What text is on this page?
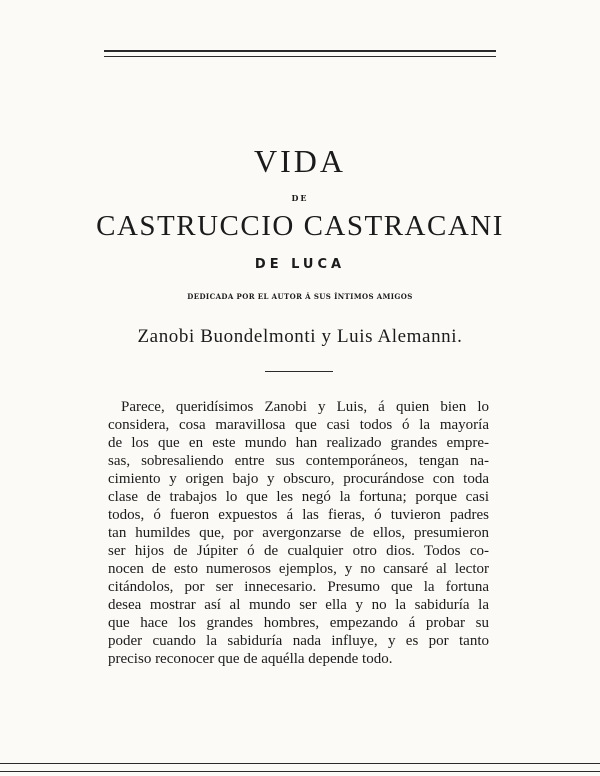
VIDA
DE
CASTRUCCIO CASTRACANI
DE LUCA
DEDICADA POR EL AUTOR Á SUS ÍNTIMOS AMIGOS
Zanobi Buondelmonti y Luis Alemanni.
Parece, queridísimos Zanobi y Luis, á quien bien lo
considera, cosa maravillosa que casi todos ó la mayoría
de los que en este mundo han realizado grandes empre-
sas, sobresaliendo entre sus contemporáneos, tengan na-
cimiento y origen bajo y obscuro, procurándose con toda
clase de trabajos lo que les negó la fortuna; porque casi
todos, ó fueron expuestos á las fieras, ó tuvieron padres
tan humildes que, por avergonzarse de ellos, presumieron
ser hijos de Júpiter ó de cualquier otro dios. Todos co-
nocen de esto numerosos ejemplos, y no cansaré al lector
citándolos, por ser innecesario. Presumo que la fortuna
desea mostrar así al mundo ser ella y no la sabiduría la
que hace los grandes hombres, empezando á probar su
poder cuando la sabiduría nada influye, y es por tanto
preciso reconocer que de aquélla depende todo.
